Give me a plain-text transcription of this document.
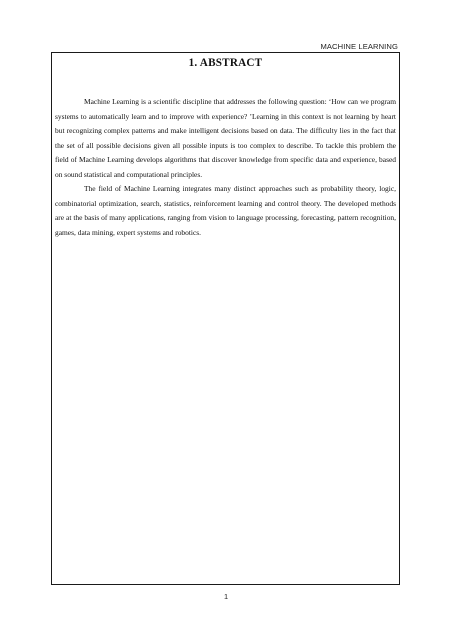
MACHINE LEARNING
1. ABSTRACT

Machine Learning is a scientific discipline that addresses the following question: ‘How can we program systems to automatically learn and to improve with experience? ’Learning in this context is not learning by heart but recognizing complex patterns and make intelligent decisions based on data. The difficulty lies in the fact that the set of all possible decisions given all possible inputs is too complex to describe. To tackle this problem the field of Machine Learning develops algorithms that discover knowledge from specific data and experience, based on sound statistical and computational principles.

The field of Machine Learning integrates many distinct approaches such as probability theory, logic, combinatorial optimization, search, statistics, reinforcement learning and control theory. The developed methods are at the basis of many applications, ranging from vision to language processing, forecasting, pattern recognition, games, data mining, expert systems and robotics.

1
